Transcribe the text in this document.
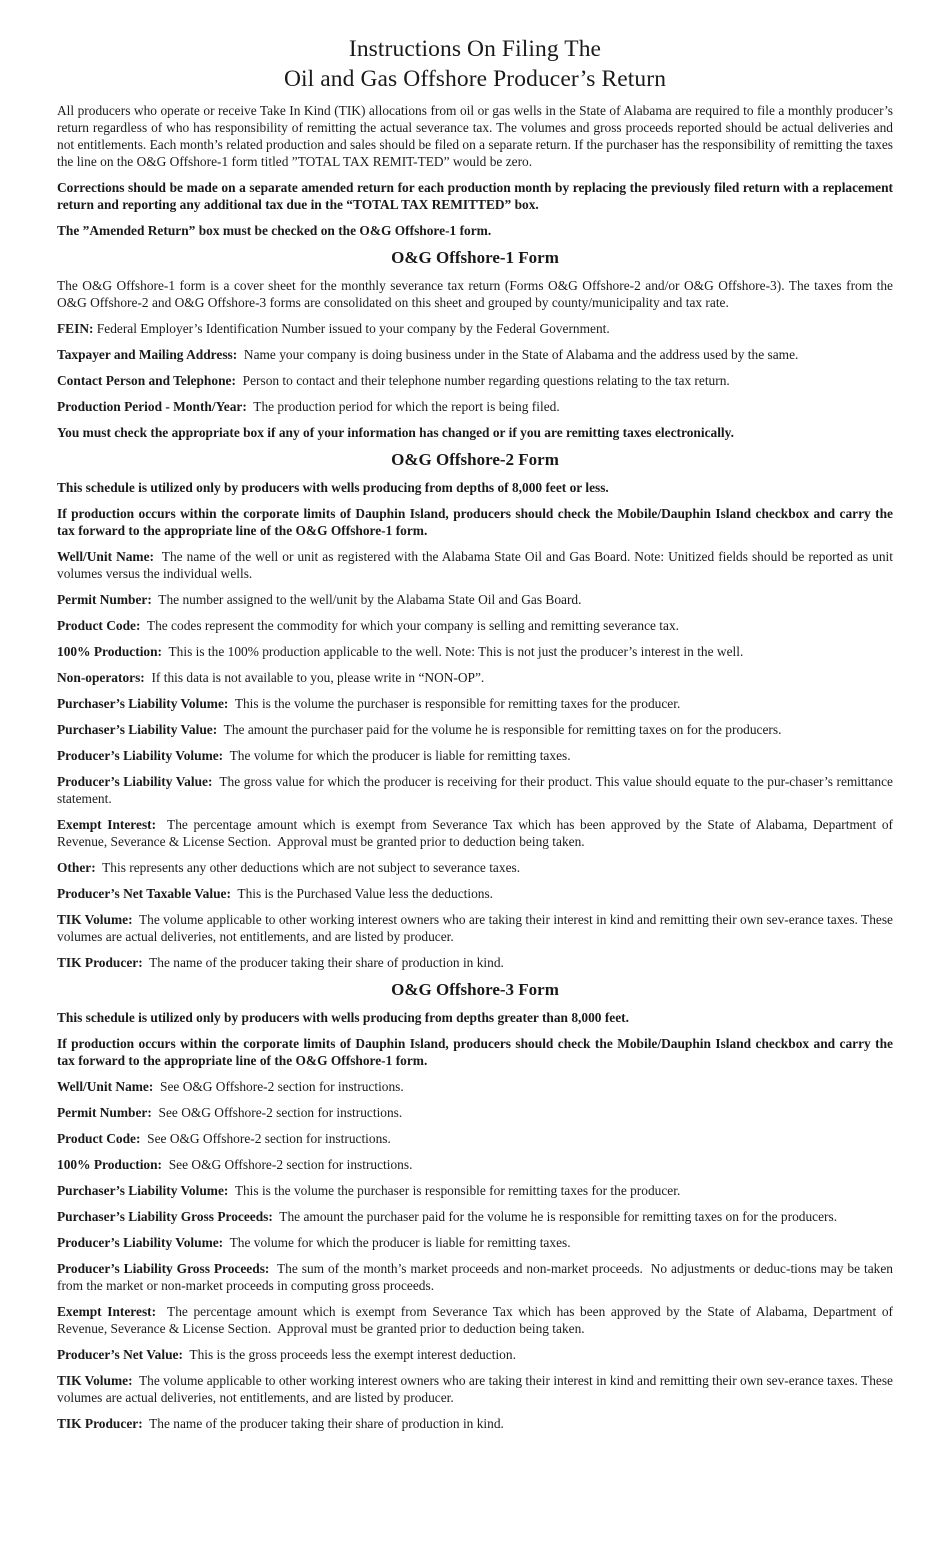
Instructions On Filing The
Oil and Gas Offshore Producer’s Return

All producers who operate or receive Take In Kind (TIK) allocations from oil or gas wells in the State of Alabama are required to file a monthly producer’s return regardless of who has responsibility of remitting the actual severance tax. The volumes and gross proceeds reported should be actual deliveries and not entitlements. Each month’s related production and sales should be filed on a separate return. If the purchaser has the responsibility of remitting the taxes the line on the O&G Offshore-1 form titled ”TOTAL TAX REMIT-TED” would be zero.

Corrections should be made on a separate amended return for each production month by replacing the previously filed return with a replacement return and reporting any additional tax due in the “TOTAL TAX REMITTED” box.

The ”Amended Return” box must be checked on the O&G Offshore-1 form.

O&G Offshore-1 Form

The O&G Offshore-1 form is a cover sheet for the monthly severance tax return (Forms O&G Offshore-2 and/or O&G Offshore-3). The taxes from the O&G Offshore-2 and O&G Offshore-3 forms are consolidated on this sheet and grouped by county/municipality and tax rate.

FEIN: Federal Employer’s Identification Number issued to your company by the Federal Government.

Taxpayer and Mailing Address:  Name your company is doing business under in the State of Alabama and the address used by the same.

Contact Person and Telephone:  Person to contact and their telephone number regarding questions relating to the tax return.

Production Period - Month/Year:  The production period for which the report is being filed.

You must check the appropriate box if any of your information has changed or if you are remitting taxes electronically.

O&G Offshore-2 Form

This schedule is utilized only by producers with wells producing from depths of 8,000 feet or less.

If production occurs within the corporate limits of Dauphin Island, producers should check the Mobile/Dauphin Island checkbox and carry the tax forward to the appropriate line of the O&G Offshore-1 form.

Well/Unit Name:  The name of the well or unit as registered with the Alabama State Oil and Gas Board. Note: Unitized fields should be reported as unit volumes versus the individual wells.

Permit Number:  The number assigned to the well/unit by the Alabama State Oil and Gas Board.

Product Code:  The codes represent the commodity for which your company is selling and remitting severance tax.

100% Production:  This is the 100% production applicable to the well. Note: This is not just the producer’s interest in the well.

Non-operators:  If this data is not available to you, please write in “NON-OP”.

Purchaser’s Liability Volume:  This is the volume the purchaser is responsible for remitting taxes for the producer.

Purchaser’s Liability Value:  The amount the purchaser paid for the volume he is responsible for remitting taxes on for the producers.

Producer’s Liability Volume:  The volume for which the producer is liable for remitting taxes.

Producer’s Liability Value:  The gross value for which the producer is receiving for their product. This value should equate to the pur-chaser’s remittance statement.

Exempt Interest:  The percentage amount which is exempt from Severance Tax which has been approved by the State of Alabama, Department of Revenue, Severance & License Section.  Approval must be granted prior to deduction being taken.

Other:  This represents any other deductions which are not subject to severance taxes.

Producer’s Net Taxable Value:  This is the Purchased Value less the deductions.

TIK Volume:  The volume applicable to other working interest owners who are taking their interest in kind and remitting their own sev-erance taxes. These volumes are actual deliveries, not entitlements, and are listed by producer.

TIK Producer:  The name of the producer taking their share of production in kind.

O&G Offshore-3 Form

This schedule is utilized only by producers with wells producing from depths greater than 8,000 feet.

If production occurs within the corporate limits of Dauphin Island, producers should check the Mobile/Dauphin Island checkbox and carry the tax forward to the appropriate line of the O&G Offshore-1 form.

Well/Unit Name:  See O&G Offshore-2 section for instructions.

Permit Number:  See O&G Offshore-2 section for instructions.

Product Code:  See O&G Offshore-2 section for instructions.

100% Production:  See O&G Offshore-2 section for instructions.

Purchaser’s Liability Volume:  This is the volume the purchaser is responsible for remitting taxes for the producer.

Purchaser’s Liability Gross Proceeds:  The amount the purchaser paid for the volume he is responsible for remitting taxes on for the producers.

Producer’s Liability Volume:  The volume for which the producer is liable for remitting taxes.

Producer’s Liability Gross Proceeds:  The sum of the month’s market proceeds and non-market proceeds.  No adjustments or deduc-tions may be taken from the market or non-market proceeds in computing gross proceeds.

Exempt Interest:  The percentage amount which is exempt from Severance Tax which has been approved by the State of Alabama, Department of Revenue, Severance & License Section.  Approval must be granted prior to deduction being taken.

Producer’s Net Value:  This is the gross proceeds less the exempt interest deduction.

TIK Volume:  The volume applicable to other working interest owners who are taking their interest in kind and remitting their own sev-erance taxes. These volumes are actual deliveries, not entitlements, and are listed by producer.

TIK Producer:  The name of the producer taking their share of production in kind.
